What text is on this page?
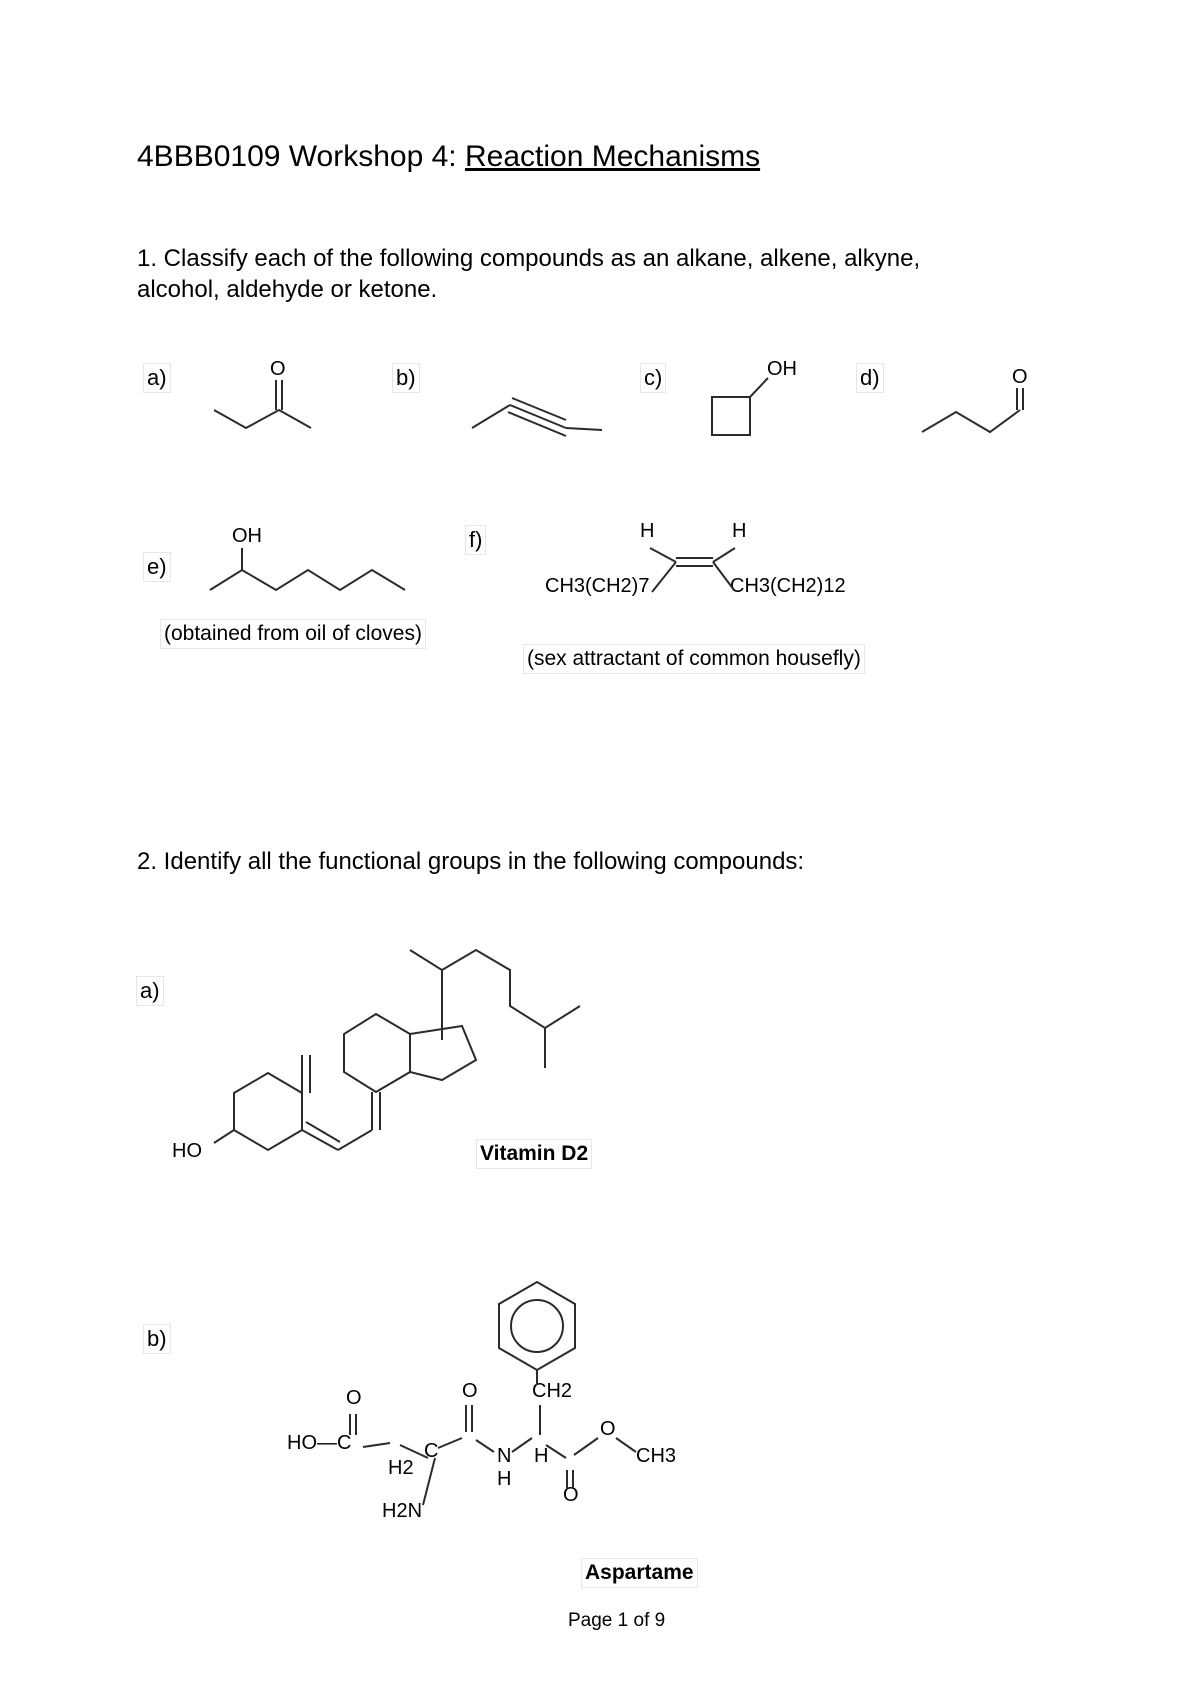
4BBB0109 Workshop 4: Reaction Mechanisms
1. Classify each of the following compounds as an alkane, alkene, alkyne,
alcohol, aldehyde or ketone.
a)	b)	c)	d)
e)
f)
O	OH	O
OH
(obtained from oil of cloves)
H	H
CH3(CH2)7	CH3(CH2)12
(sex attractant of common housefly)
2. Identify all the functional groups in the following compounds:
a)
HO	Vitamin D2
b)
HO—C
O	O
O
O
CH2
CH3
H2
H2N
N
H
H
C
Aspartame
Page 1 of 9
